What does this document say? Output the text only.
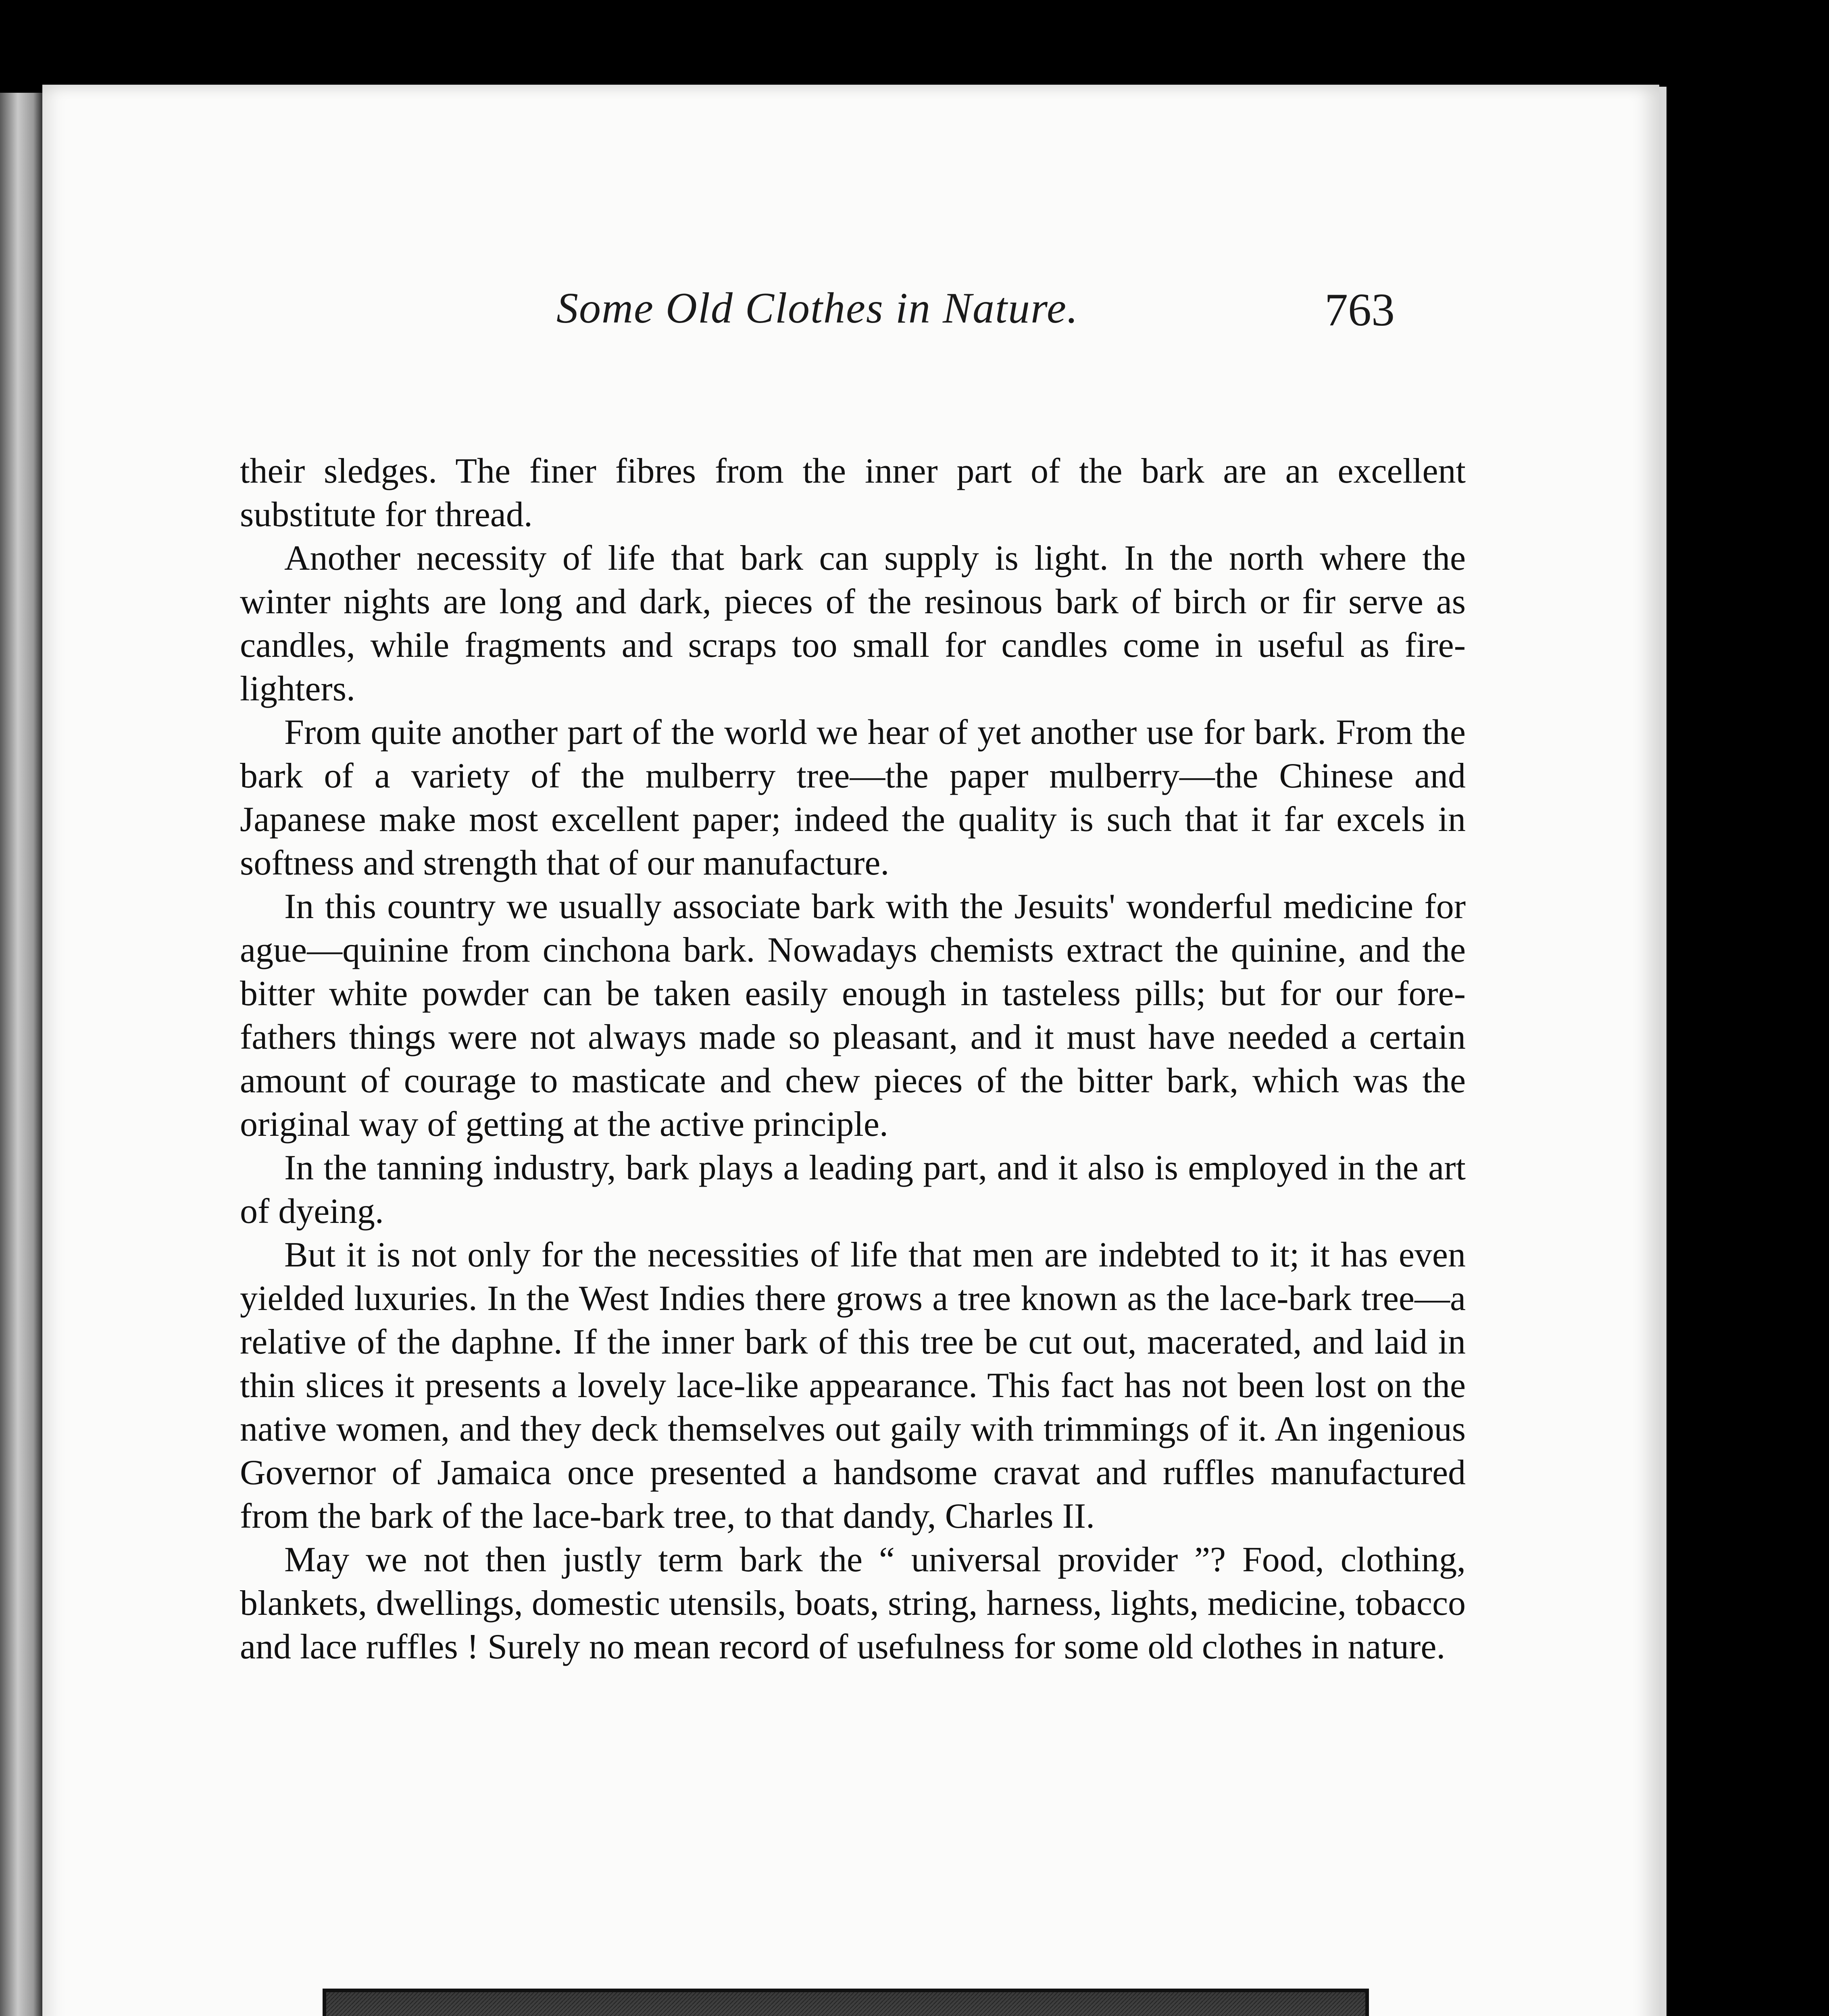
Some Old Clothes in Nature.	763

their sledges. The finer fibres from the inner part of the bark are an excellent substitute for thread.

Another necessity of life that bark can supply is light. In the north where the winter nights are long and dark, pieces of the resinous bark of birch or fir serve as candles, while fragments and scraps too small for candles come in useful as fire-lighters.

From quite another part of the world we hear of yet another use for bark. From the bark of a variety of the mulberry tree—the paper mulberry—the Chinese and Japanese make most excellent paper; indeed the quality is such that it far excels in softness and strength that of our manufacture.

In this country we usually associate bark with the Jesuits' wonderful medicine for ague—quinine from cinchona bark. Nowadays chemists extract the quinine, and the bitter white powder can be taken easily enough in tasteless pills; but for our fore-fathers things were not always made so pleasant, and it must have needed a certain amount of courage to masticate and chew pieces of the bitter bark, which was the original way of getting at the active principle.

In the tanning industry, bark plays a leading part, and it also is employed in the art of dyeing.

But it is not only for the necessities of life that men are indebted to it; it has even yielded luxuries. In the West Indies there grows a tree known as the lace-bark tree—a relative of the daphne. If the inner bark of this tree be cut out, macerated, and laid in thin slices it presents a lovely lace-like appearance. This fact has not been lost on the native women, and they deck themselves out gaily with trimmings of it. An ingenious Governor of Jamaica once presented a handsome cravat and ruffles manufactured from the bark of the lace-bark tree, to that dandy, Charles II.

May we not then justly term bark the “ universal provider ”? Food, clothing, blankets, dwellings, domestic utensils, boats, string, harness, lights, medicine, tobacco and lace ruffles ! Surely no mean record of usefulness for some old clothes in nature.
